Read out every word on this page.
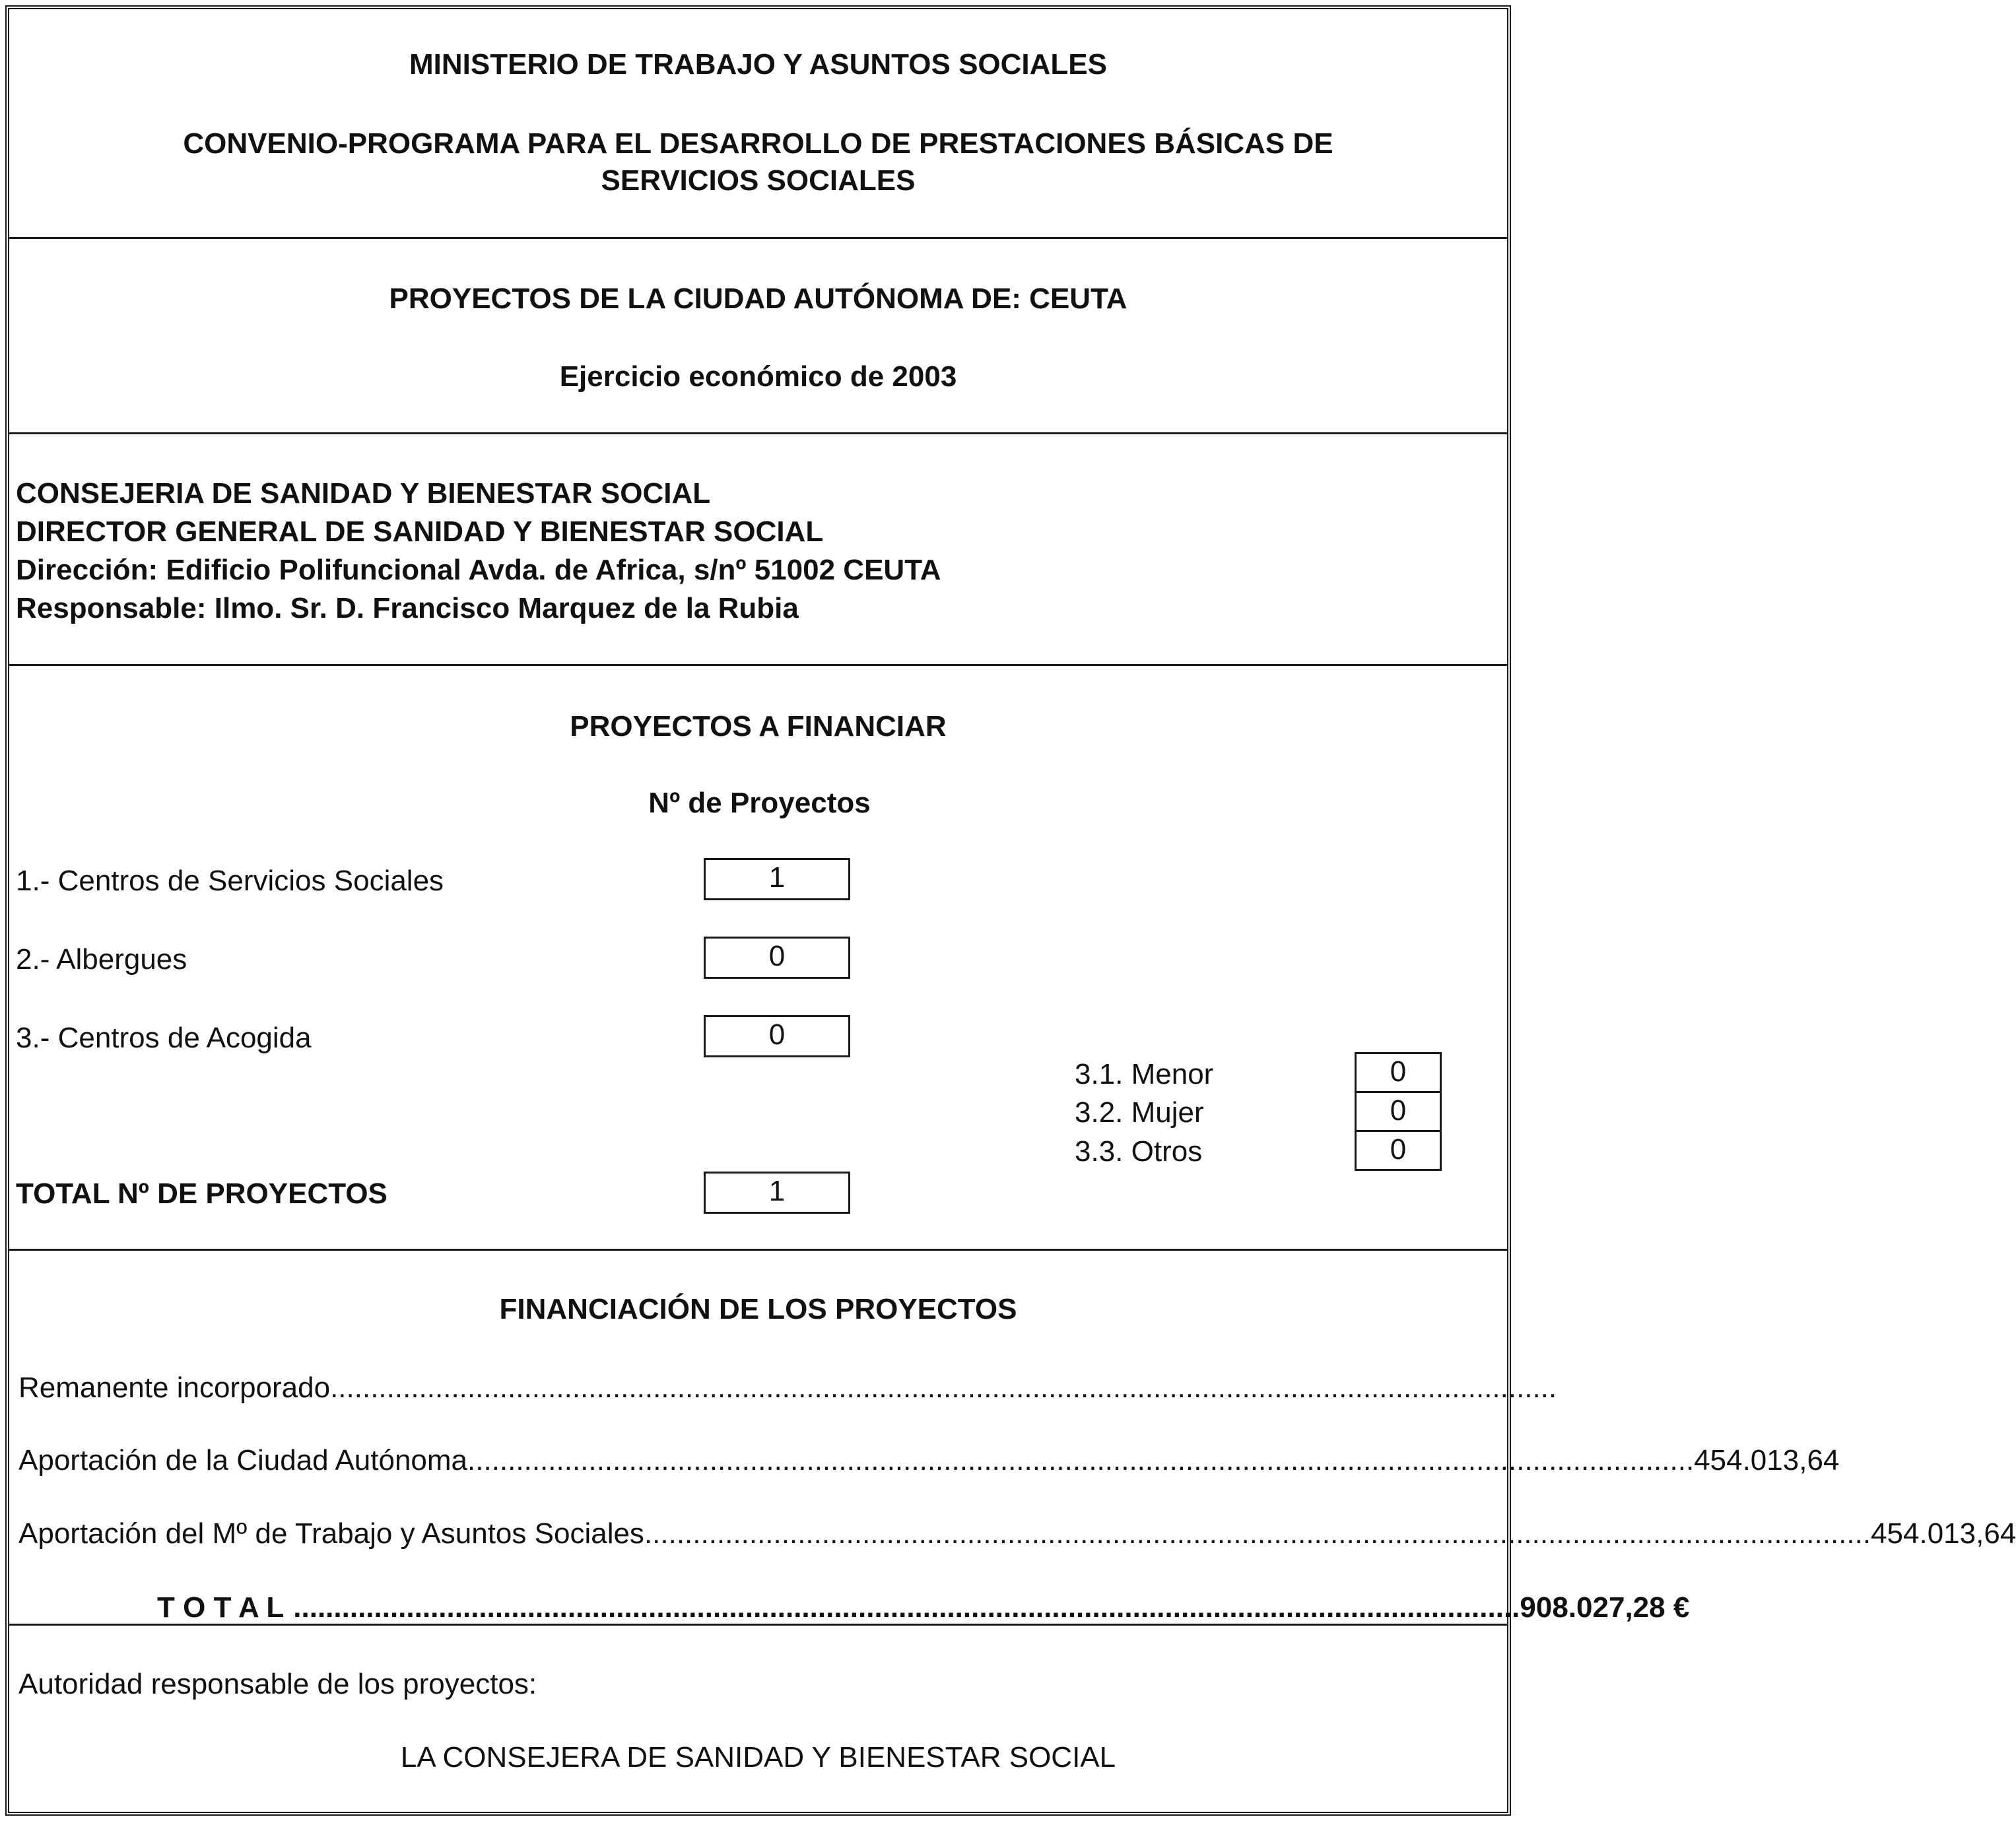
MINISTERIO DE TRABAJO Y ASUNTOS SOCIALES
CONVENIO-PROGRAMA PARA EL DESARROLLO DE PRESTACIONES BÁSICAS DE
SERVICIOS SOCIALES
PROYECTOS DE LA CIUDAD AUTÓNOMA DE: CEUTA
Ejercicio económico de 2003
CONSEJERIA DE SANIDAD Y BIENESTAR SOCIAL
DIRECTOR GENERAL DE SANIDAD Y BIENESTAR SOCIAL
Dirección: Edificio Polifuncional Avda. de Africa, s/nº 51002 CEUTA
Responsable: Ilmo. Sr. D. Francisco Marquez de la Rubia
PROYECTOS A FINANCIAR
Nº de Proyectos
1.- Centros de Servicios Sociales	1
2.- Albergues	0
3.- Centros de Acogida	0
3.1. Menor	0
3.2. Mujer	0
3.3. Otros	0
TOTAL Nº DE PROYECTOS	1
FINANCIACIÓN DE LOS PROYECTOS
Remanente incorporado........................................................................................................................................................
Aportación de la Ciudad Autónoma ........................................................................................................................................................ 454.013,64
Aportación del Mº de Trabajo y Asuntos Sociales ........................................................................................................................................................ 454.013,64
T O T A L ........................................................................................................................................................ 908.027,28 €
Autoridad responsable de los proyectos:
LA CONSEJERA DE SANIDAD Y BIENESTAR SOCIAL
